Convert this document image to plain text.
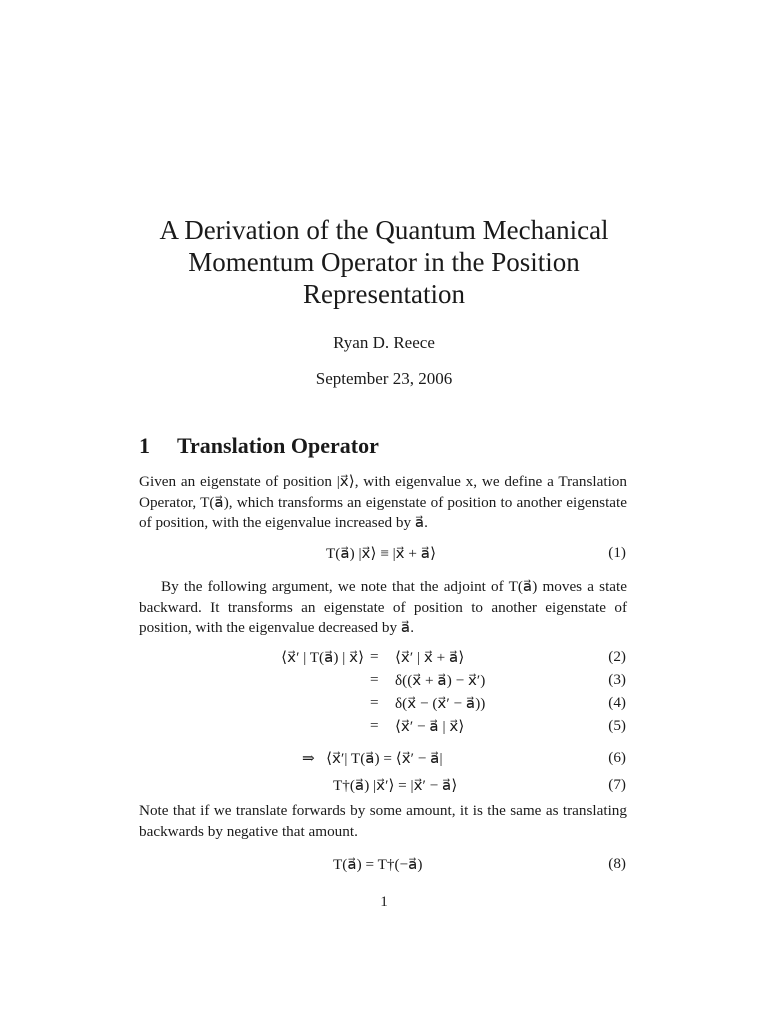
A Derivation of the Quantum Mechanical
Momentum Operator in the Position
Representation
Ryan D. Reece
September 23, 2006
1 Translation Operator
Given an eigenstate of position |x⃗⟩, with eigenvalue x, we define a Translation Operator, T(a⃗), which transforms an eigenstate of position to another eigenstate of position, with the eigenvalue increased by a⃗.
T(a⃗) |x⃗⟩ ≡ |x⃗ + a⃗⟩	(1)
By the following argument, we note that the adjoint of T(a⃗) moves a state backward. It transforms an eigenstate of position to another eigenstate of position, with the eigenvalue decreased by a⃗.
⟨x⃗′ | T(a⃗) | x⃗⟩ = ⟨x⃗′ | x⃗ + a⃗⟩	(2)
= δ((x⃗ + a⃗) − x⃗′)	(3)
= δ(x⃗ − (x⃗′ − a⃗))	(4)
= ⟨x⃗′ − a⃗ | x⃗⟩	(5)
⇒   ⟨x⃗′| T(a⃗) = ⟨x⃗′ − a⃗|	(6)
T†(a⃗) |x⃗′⟩ = |x⃗′ − a⃗⟩	(7)
Note that if we translate forwards by some amount, it is the same as translating backwards by negative that amount.
T(a⃗) = T†(−a⃗)	(8)
1
